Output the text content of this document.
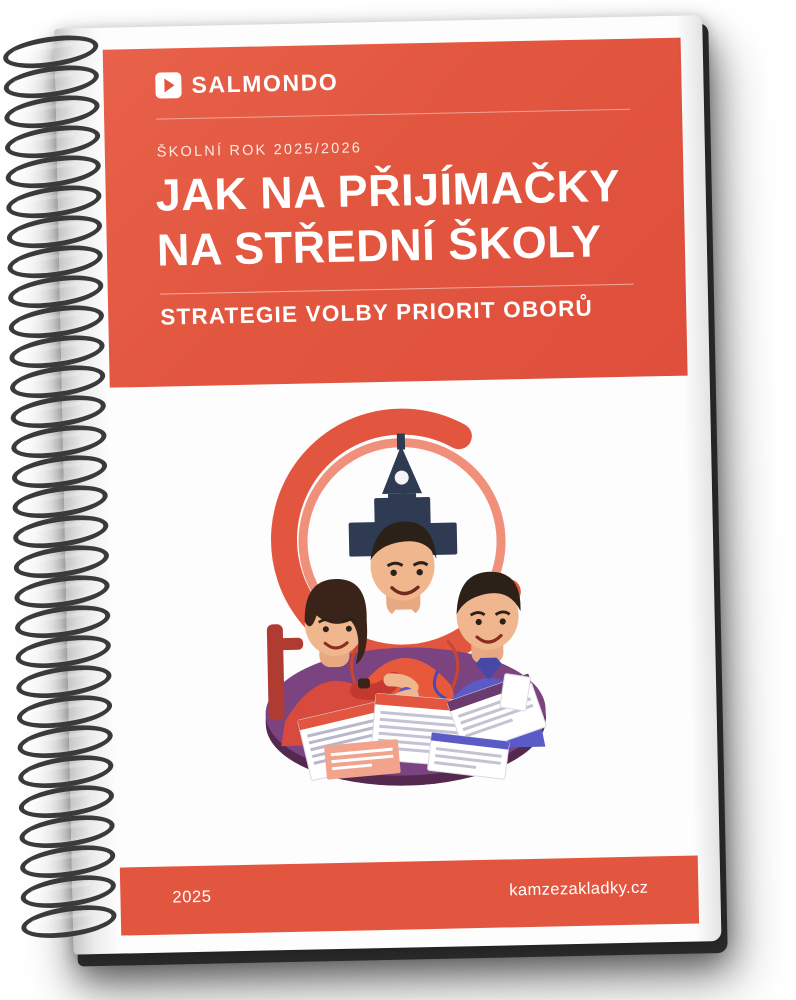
SALMONDO
ŠKOLNÍ ROK 2025/2026
JAK NA PŘIJÍMAČKY
NA STŘEDNÍ ŠKOLY
STRATEGIE VOLBY PRIORIT OBORŮ
2025	kamzezakladky.cz
